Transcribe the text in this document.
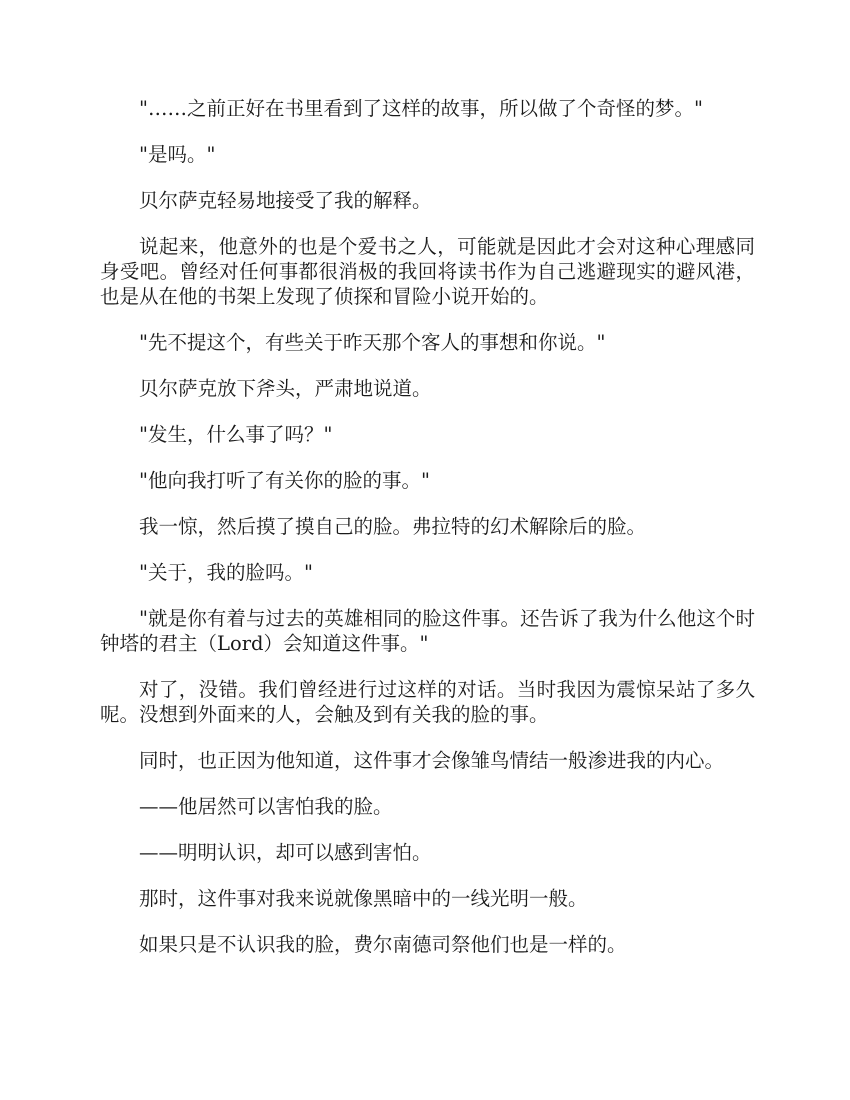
"……之前正好在书里看到了这样的故事，所以做了个奇怪的梦。"

"是吗。"

贝尔萨克轻易地接受了我的解释。

说起来，他意外的也是个爱书之人，可能就是因此才会对这种心理感同身受吧。曾经对任何事都很消极的我回将读书作为自己逃避现实的避风港，也是从在他的书架上发现了侦探和冒险小说开始的。

"先不提这个，有些关于昨天那个客人的事想和你说。"

贝尔萨克放下斧头，严肃地说道。

"发生，什么事了吗？"

"他向我打听了有关你的脸的事。"

我一惊，然后摸了摸自己的脸。弗拉特的幻术解除后的脸。

"关于，我的脸吗。"

"就是你有着与过去的英雄相同的脸这件事。还告诉了我为什么他这个时钟塔的君主（Lord）会知道这件事。"

对了，没错。我们曾经进行过这样的对话。当时我因为震惊呆站了多久呢。没想到外面来的人，会触及到有关我的脸的事。

同时，也正因为他知道，这件事才会像雏鸟情结一般渗进我的内心。

——他居然可以害怕我的脸。

——明明认识，却可以感到害怕。

那时，这件事对我来说就像黑暗中的一线光明一般。

如果只是不认识我的脸，费尔南德司祭他们也是一样的。
